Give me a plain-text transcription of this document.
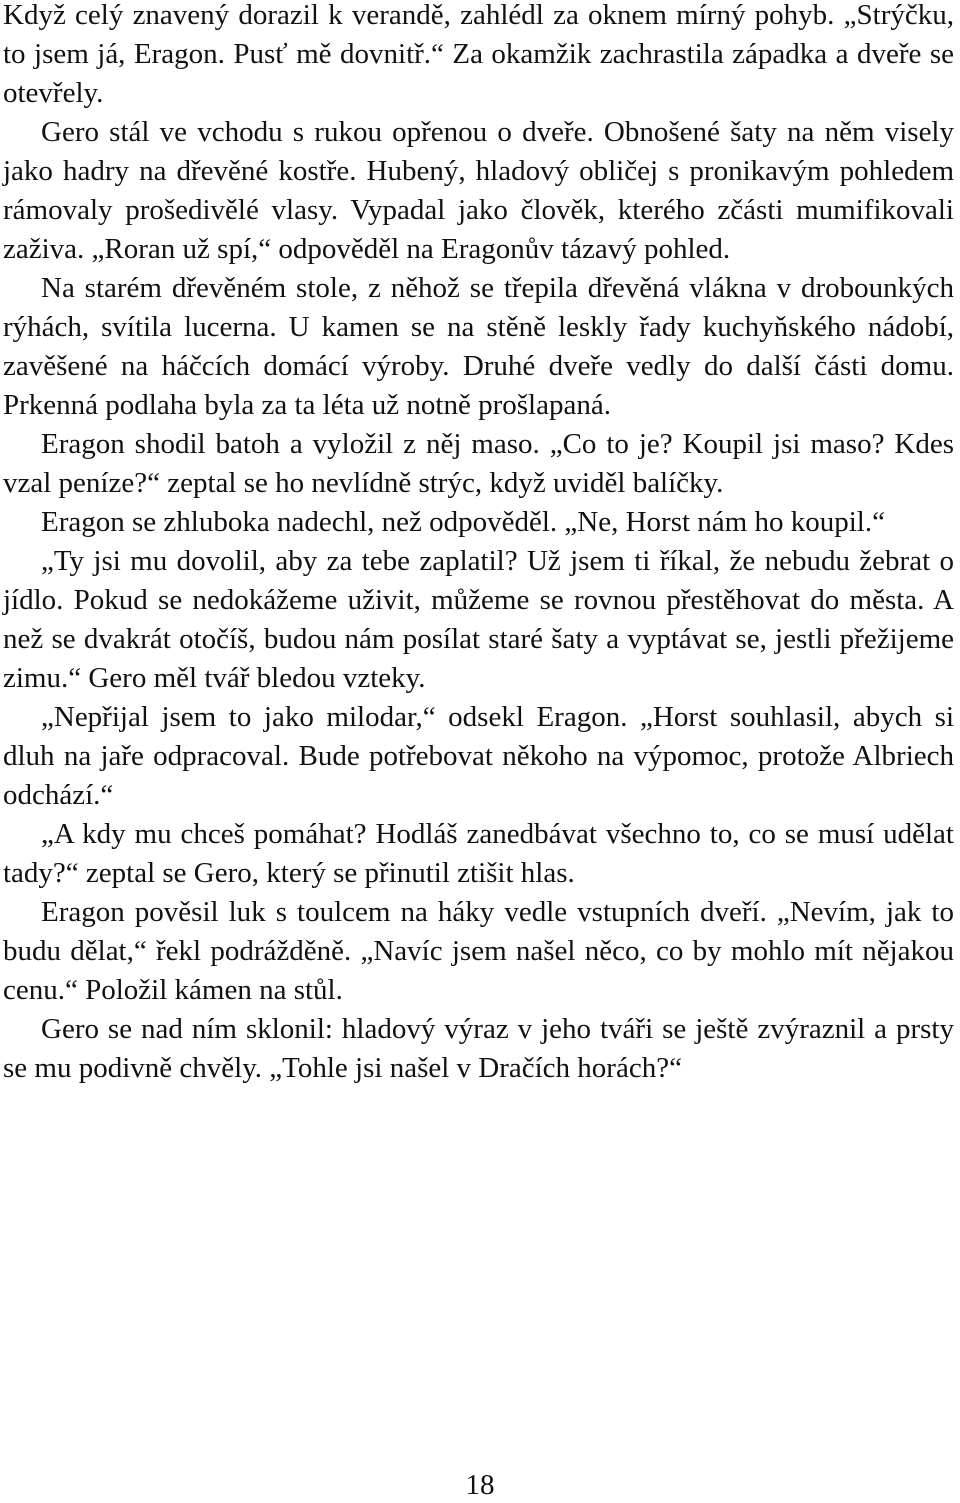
Když celý znavený dorazil k verandě, zahlédl za oknem mírný pohyb. „Strýčku, to jsem já, Eragon. Pusť mě dovnitř.“ Za okamžik zachrastila západka a dveře se otevřely.

Gero stál ve vchodu s rukou opřenou o dveře. Obnošené šaty na něm visely jako hadry na dřevěné kostře. Hubený, hladový obličej s pronikavým pohledem rámovaly prošedivělé vlasy. Vypadal jako člověk, kterého zčásti mumifikovali zaživa. „Roran už spí,“ odpověděl na Eragonův tázavý pohled.

Na starém dřevěném stole, z něhož se třepila dřevěná vlákna v drobounkých rýhách, svítila lucerna. U kamen se na stěně leskly řady kuchyňského nádobí, zavěšené na háčcích domácí výroby. Druhé dveře vedly do další části domu. Prkenná podlaha byla za ta léta už notně prošlapaná.

Eragon shodil batoh a vyložil z něj maso. „Co to je? Koupil jsi maso? Kdes vzal peníze?“ zeptal se ho nevlídně strýc, když uviděl balíčky.

Eragon se zhluboka nadechl, než odpověděl. „Ne, Horst nám ho koupil.“

„Ty jsi mu dovolil, aby za tebe zaplatil? Už jsem ti říkal, že nebudu žebrat o jídlo. Pokud se nedokážeme uživit, můžeme se rovnou přestěhovat do města. A než se dvakrát otočíš, budou nám posílat staré šaty a vyptávat se, jestli přežijeme zimu.“ Gero měl tvář bledou vzteky.

„Nepřijal jsem to jako milodar,“ odsekl Eragon. „Horst souhlasil, abych si dluh na jaře odpracoval. Bude potřebovat někoho na výpomoc, protože Albriech odchází.“

„A kdy mu chceš pomáhat? Hodláš zanedbávat všechno to, co se musí udělat tady?“ zeptal se Gero, který se přinutil ztišit hlas.

Eragon pověsil luk s toulcem na háky vedle vstupních dveří. „Nevím, jak to budu dělat,“ řekl podrážděně. „Navíc jsem našel něco, co by mohlo mít nějakou cenu.“ Položil kámen na stůl.

Gero se nad ním sklonil: hladový výraz v jeho tváři se ještě zvýraznil a prsty se mu podivně chvěly. „Tohle jsi našel v Dračích horách?“

18
